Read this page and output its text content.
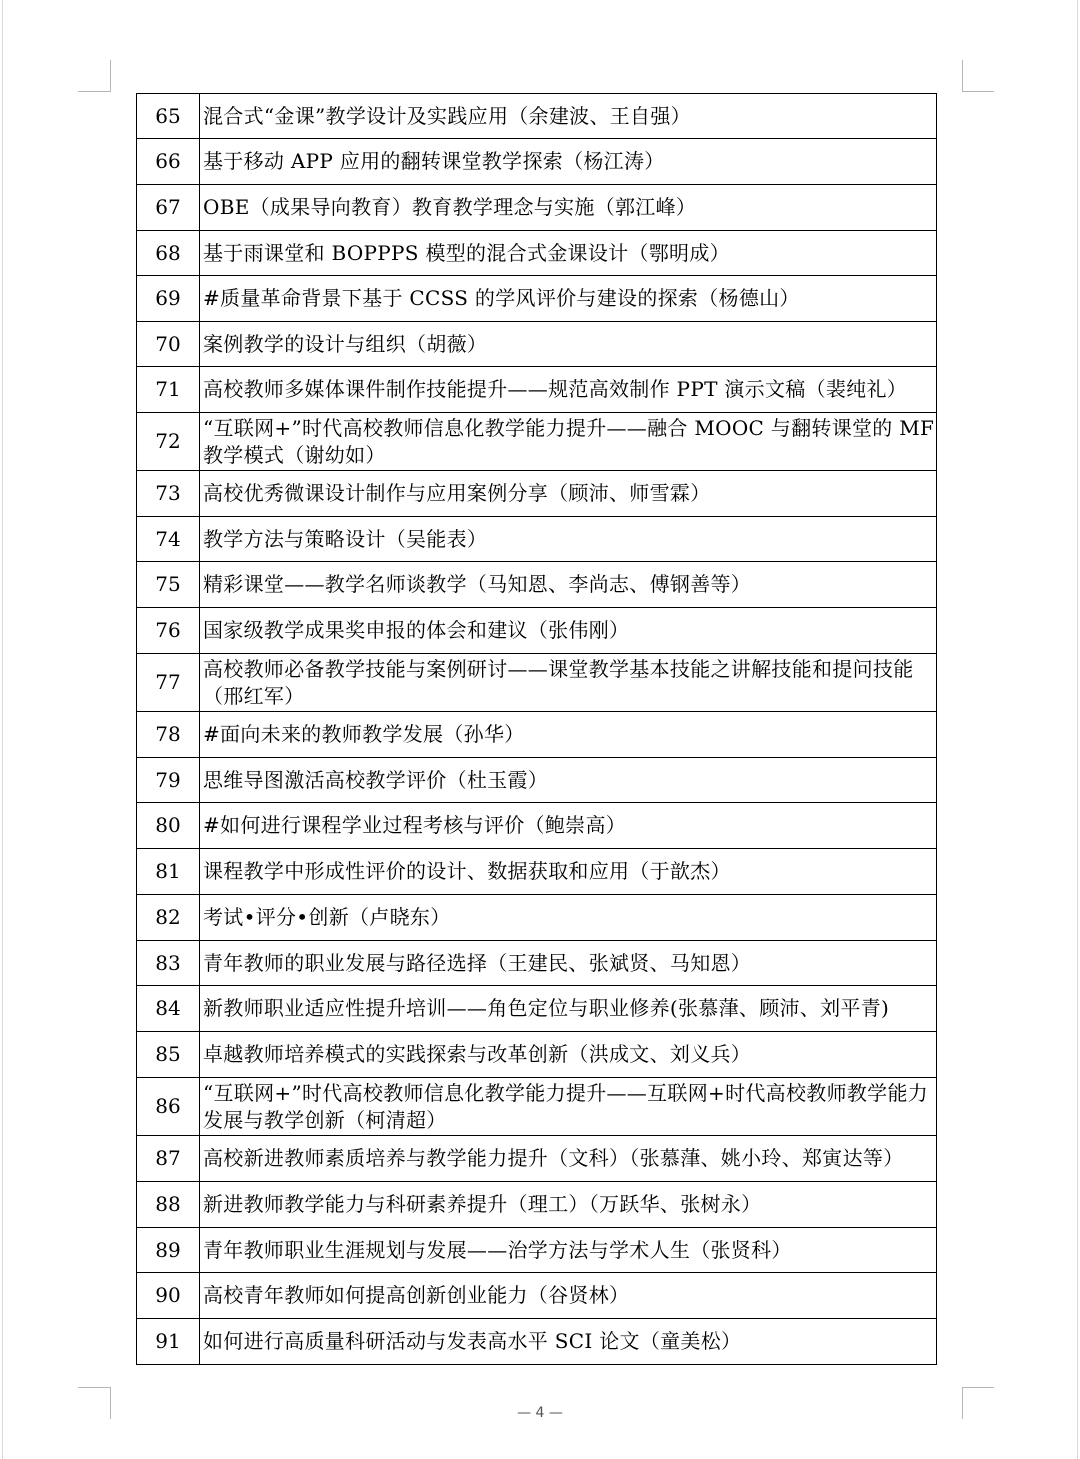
65	混合式“金课”教学设计及实践应用（余建波、王自强）
66	基于移动 APP 应用的翻转课堂教学探索（杨江涛）
67	OBE（成果导向教育）教育教学理念与实施（郭江峰）
68	基于雨课堂和 BOPPPS 模型的混合式金课设计（鄂明成）
69	#质量革命背景下基于 CCSS 的学风评价与建设的探索（杨德山）
70	案例教学的设计与组织（胡薇）
71	高校教师多媒体课件制作技能提升——规范高效制作 PPT 演示文稿（裴纯礼）
72	“互联网+”时代高校教师信息化教学能力提升——融合 MOOC 与翻转课堂的 MF 教学模式（谢幼如）
73	高校优秀微课设计制作与应用案例分享（顾沛、师雪霖）
74	教学方法与策略设计（吴能表）
75	精彩课堂——教学名师谈教学（马知恩、李尚志、傅钢善等）
76	国家级教学成果奖申报的体会和建议（张伟刚）
77	高校教师必备教学技能与案例研讨——课堂教学基本技能之讲解技能和提问技能（邢红军）
78	#面向未来的教师教学发展（孙华）
79	思维导图激活高校教学评价（杜玉霞）
80	#如何进行课程学业过程考核与评价（鲍崇高）
81	课程教学中形成性评价的设计、数据获取和应用（于歆杰）
82	考试•评分•创新（卢晓东）
83	青年教师的职业发展与路径选择（王建民、张斌贤、马知恩）
84	新教师职业适应性提升培训——角色定位与职业修养(张慕葏、顾沛、刘平青)
85	卓越教师培养模式的实践探索与改革创新（洪成文、刘义兵）
86	“互联网+”时代高校教师信息化教学能力提升——互联网+时代高校教师教学能力发展与教学创新（柯清超）
87	高校新进教师素质培养与教学能力提升（文科）（张慕葏、姚小玲、郑寅达等）
88	新进教师教学能力与科研素养提升（理工）（万跃华、张树永）
89	青年教师职业生涯规划与发展——治学方法与学术人生（张贤科）
90	高校青年教师如何提高创新创业能力（谷贤林）
91	如何进行高质量科研活动与发表高水平 SCI 论文（童美松）
— 4 —
